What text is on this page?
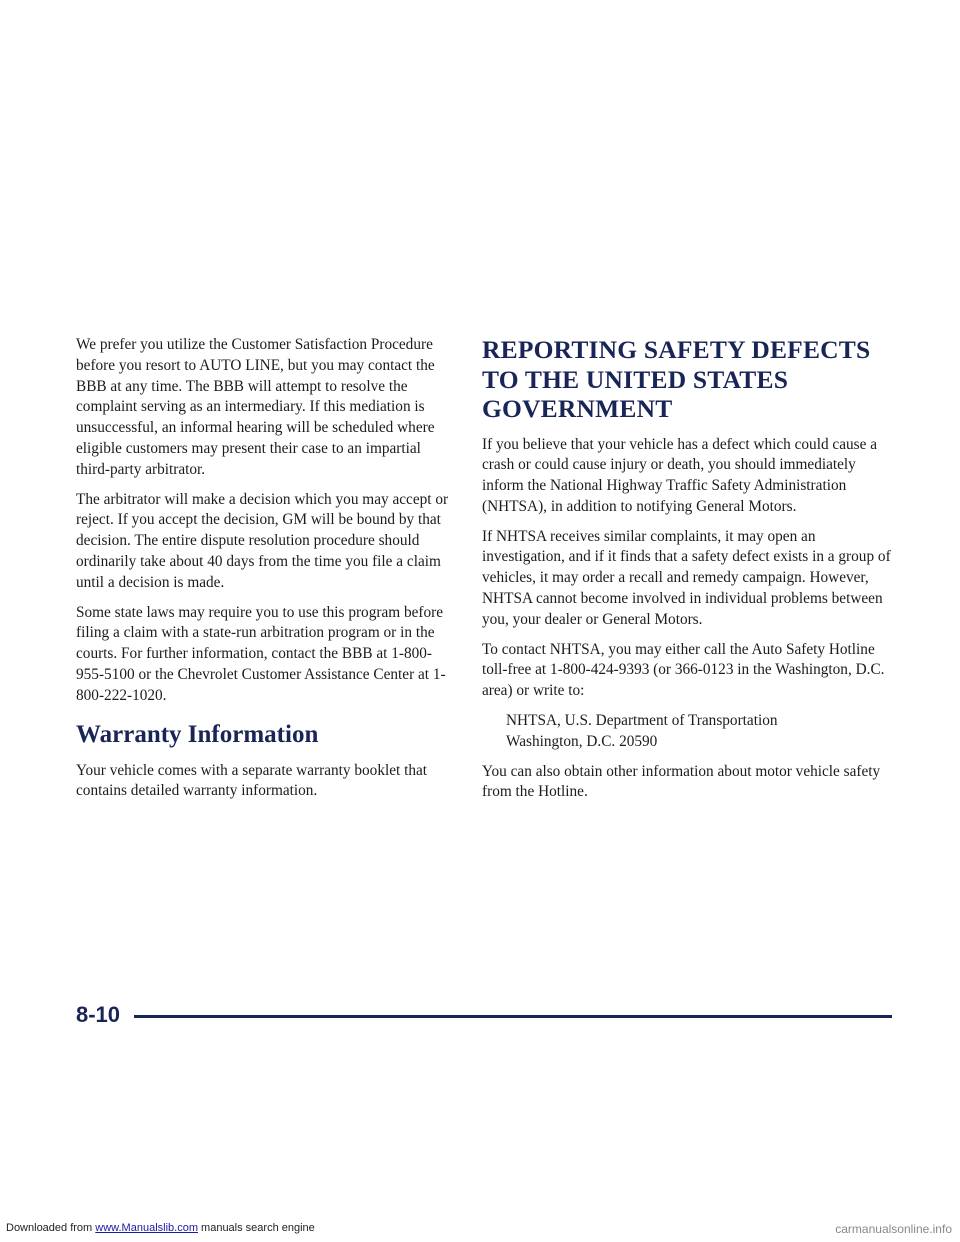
We prefer you utilize the Customer Satisfaction Procedure before you resort to AUTO LINE, but you may contact the BBB at any time. The BBB will attempt to resolve the complaint serving as an intermediary. If this mediation is unsuccessful, an informal hearing will be scheduled where eligible customers may present their case to an impartial third-party arbitrator.

The arbitrator will make a decision which you may accept or reject. If you accept the decision, GM will be bound by that decision. The entire dispute resolution procedure should ordinarily take about 40 days from the time you file a claim until a decision is made.

Some state laws may require you to use this program before filing a claim with a state-run arbitration program or in the courts. For further information, contact the BBB at 1-800-955-5100 or the Chevrolet Customer Assistance Center at 1-800-222-1020.

Warranty Information

Your vehicle comes with a separate warranty booklet that contains detailed warranty information.

REPORTING SAFETY DEFECTS
TO THE UNITED STATES
GOVERNMENT

If you believe that your vehicle has a defect which could cause a crash or could cause injury or death, you should immediately inform the National Highway Traffic Safety Administration (NHTSA), in addition to notifying General Motors.

If NHTSA receives similar complaints, it may open an investigation, and if it finds that a safety defect exists in a group of vehicles, it may order a recall and remedy campaign. However, NHTSA cannot become involved in individual problems between you, your dealer or General Motors.

To contact NHTSA, you may either call the Auto Safety Hotline toll-free at 1-800-424-9393 (or 366-0123 in the Washington, D.C. area) or write to:

NHTSA, U.S. Department of Transportation
Washington, D.C. 20590

You can also obtain other information about motor vehicle safety from the Hotline.

8-10
Downloaded from www.Manualslib.com manuals search engine	carmanualsonline.info
